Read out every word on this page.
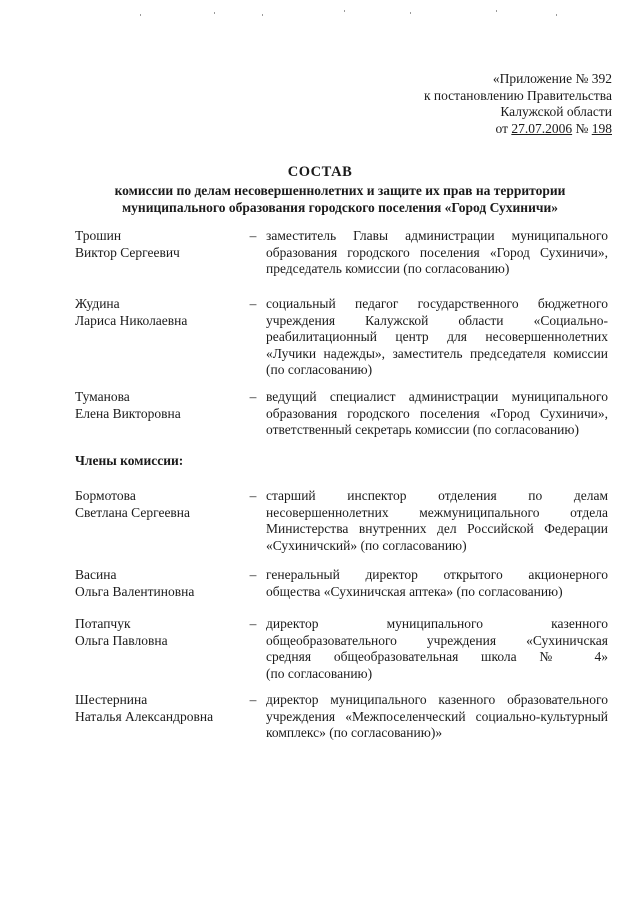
«Приложение № 392
к постановлению Правительства
Калужской области
от 27.07.2006 № 198
СОСТАВ
комиссии по делам несовершеннолетних и защите их прав на территории
муниципального образования городского поселения «Город Сухиничи»
Трошин
Виктор Сергеевич
– заместитель Главы администрации муниципального
образования городского поселения «Город Сухиничи»,
председатель комиссии (по согласованию)
Жудина
Лариса Николаевна
– социальный педагог государственного бюджетного
учреждения Калужской области «Социально-
реабилитационный центр для несовершеннолетних
«Лучики надежды», заместитель председателя комиссии
(по согласованию)
Туманова
Елена Викторовна
– ведущий специалист администрации муниципального
образования городского поселения «Город Сухиничи»,
ответственный секретарь комиссии (по согласованию)
Члены комиссии:
Бормотова
Светлана Сергеевна
– старший инспектор отделения по делам
несовершеннолетних межмуниципального отдела
Министерства внутренних дел Российской Федерации
«Сухиничский» (по согласованию)
Васина
Ольга Валентиновна
– генеральный директор открытого акционерного
общества «Сухиничская аптека» (по согласованию)
Потапчук
Ольга Павловна
– директор муниципального казенного
общеобразовательного учреждения «Сухиничская
средняя общеобразовательная школа № 4»
(по согласованию)
Шестернина
Наталья Александровна
– директор муниципального казенного образовательного
учреждения «Межпоселенческий социально-культурный
комплекс» (по согласованию)»
